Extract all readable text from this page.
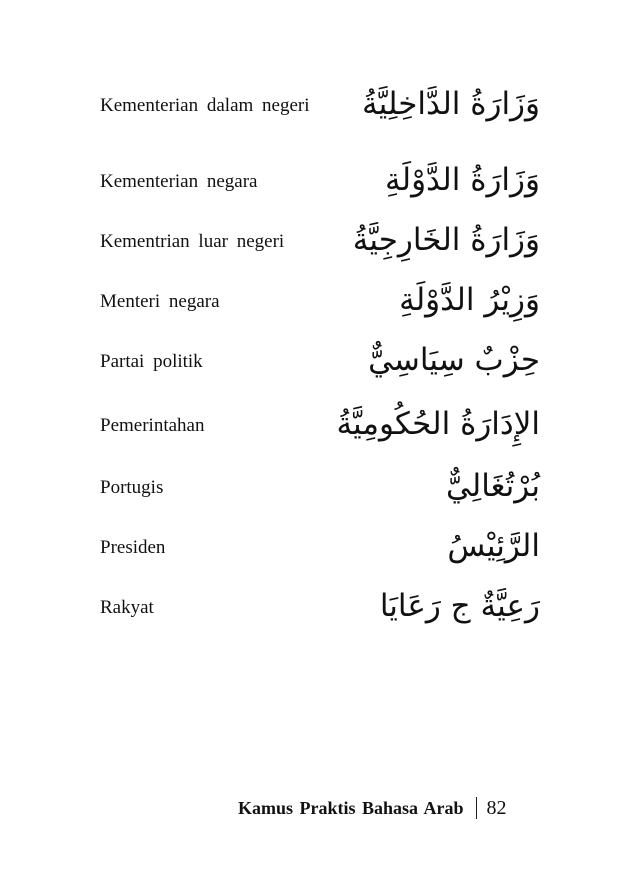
Kementerian dalam negeri	وَزَارَةُ الدَّاخِلِيَّةُ
Kementerian negara	وَزَارَةُ الدَّوْلَةِ
Kementrian luar negeri	وَزَارَةُ الخَارِجِيَّةُ
Menteri negara	وَزِيْرُ الدَّوْلَةِ
Partai politik	حِزْبٌ سِيَاسِيٌّ
Pemerintahan	الإِدَارَةُ الحُكُومِيَّةُ
Portugis	بُرْتُغَالِيٌّ
Presiden	الرَّئِيْسُ
Rakyat	رَعِيَّةٌ ج رَعَايَا
Kamus Praktis Bahasa Arab 82
